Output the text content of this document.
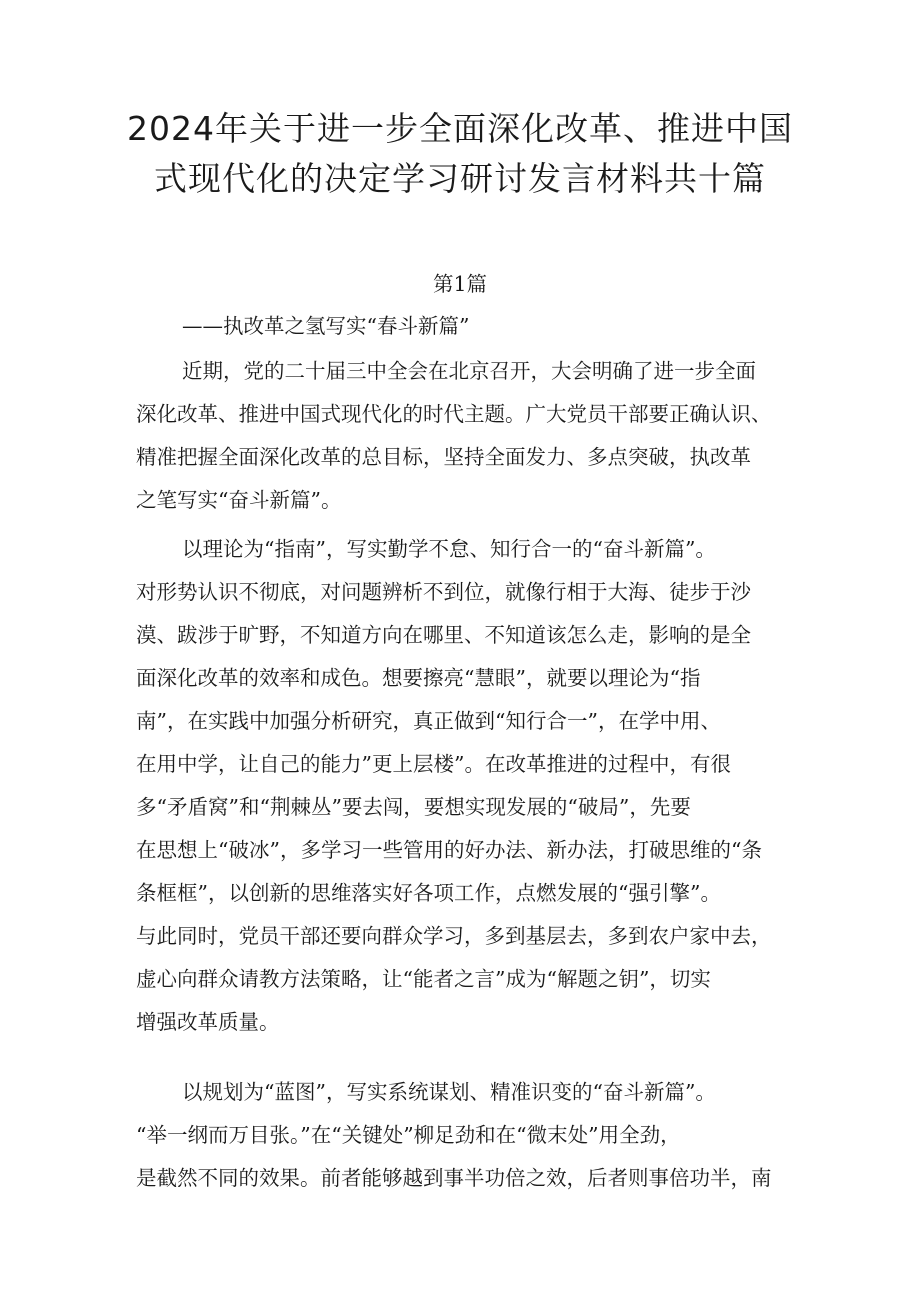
2024年关于进一步全面深化改革、推进中国
式现代化的决定学习研讨发言材料共十篇
第1篇

——执改革之氢写实“春斗新篇”

近期，党的二十届三中全会在北京召开，大会明确了进一步全面
深化改革、推进中国式现代化的时代主题。广大党员干部要正确认识、
精准把握全面深化改革的总目标，坚持全面发力、多点突破，执改革
之笔写实“奋斗新篇”。
以理论为“指南”，写实勤学不怠、知行合一的“奋斗新篇”。
对形势认识不彻底，对问题辨析不到位，就像行相于大海、徒步于沙
漠、跋涉于旷野，不知道方向在哪里、不知道该怎么走，影响的是全
面深化改革的效率和成色。想要擦亮“慧眼”，就要以理论为“指
南”，在实践中加强分析研究，真正做到“知行合一”，在学中用、
在用中学，让自己的能力”更上层楼”。在改革推进的过程中，有很
多“矛盾窝”和“荆棘丛”要去闯，要想实现发展的“破局”，先要
在思想上“破冰”，多学习一些管用的好办法、新办法，打破思维的“条
条框框”，以创新的思维落实好各项工作，点燃发展的“强引擎”。
与此同时，党员干部还要向群众学习，多到基层去，多到农户家中去，
虚心向群众请教方法策略，让“能者之言”成为“解题之钥”，切实
增强改革质量。
以规划为“蓝图”，写实系统谋划、精准识变的“奋斗新篇”。
“举一纲而万目张。”在“关键处”柳足劲和在“微末处”用全劲，
是截然不同的效果。前者能够越到事半功倍之效，后者则事倍功半，南
